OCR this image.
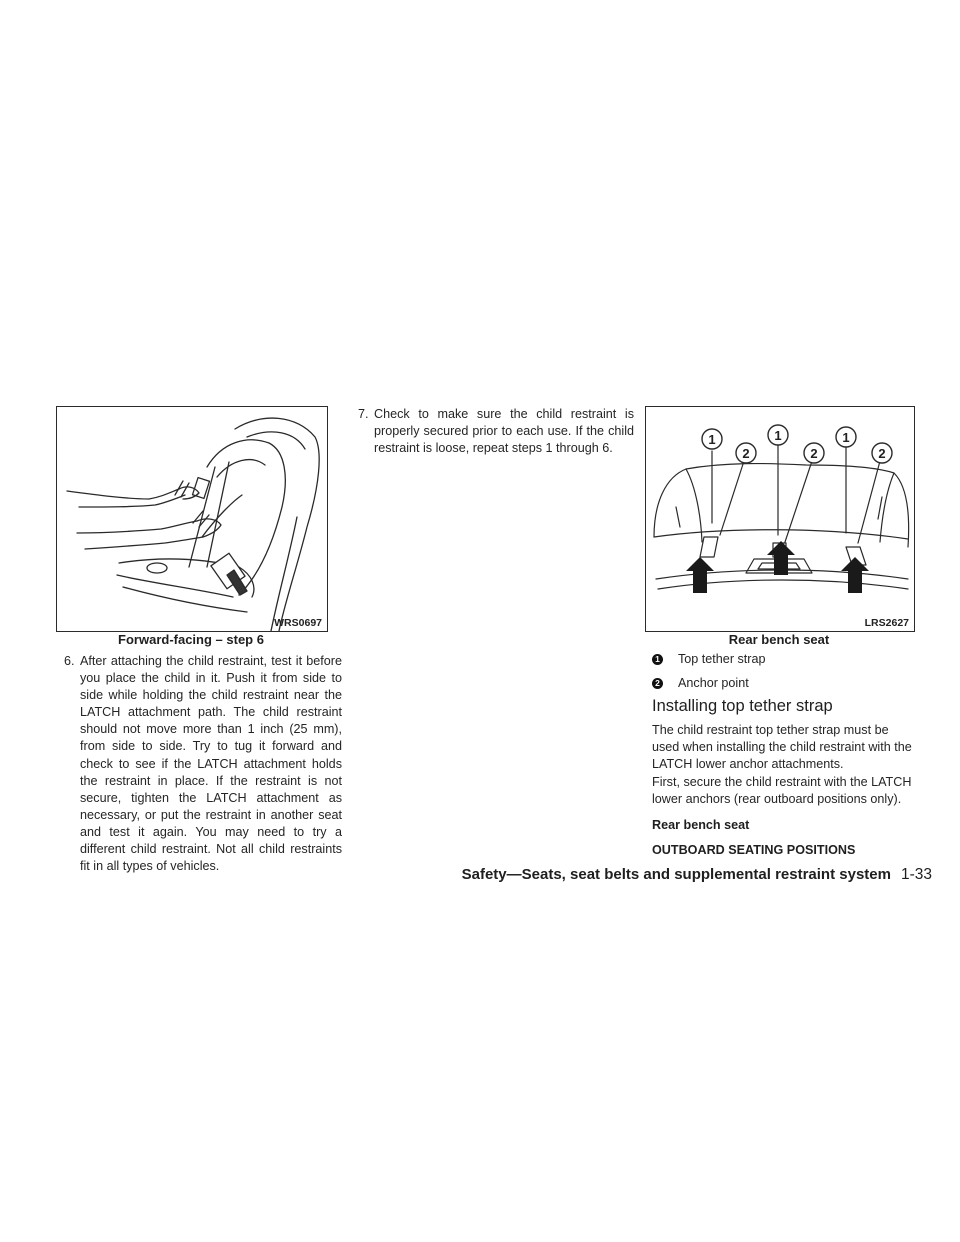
WRS0697
Forward-facing – step 6

6. After attaching the child restraint, test it before you place the child in it. Push it from side to side while holding the child restraint near the LATCH attachment path. The child restraint should not move more than 1 inch (25 mm), from side to side. Try to tug it forward and check to see if the LATCH attachment holds the restraint in place. If the restraint is not secure, tighten the LATCH attachment as necessary, or put the restraint in another seat and test it again. You may need to try a different child restraint. Not all child restraints fit in all types of vehicles.

7. Check to make sure the child restraint is properly secured prior to each use. If the child restraint is loose, repeat steps 1 through 6.

1
2
1
2
1
2
LRS2627
Rear bench seat
1 Top tether strap
2 Anchor point
Installing top tether strap

The child restraint top tether strap must be used when installing the child restraint with the LATCH lower anchor attachments.

First, secure the child restraint with the LATCH lower anchors (rear outboard positions only).

Rear bench seat

OUTBOARD SEATING POSITIONS

Safety—Seats, seat belts and supplemental restraint system 1-33
